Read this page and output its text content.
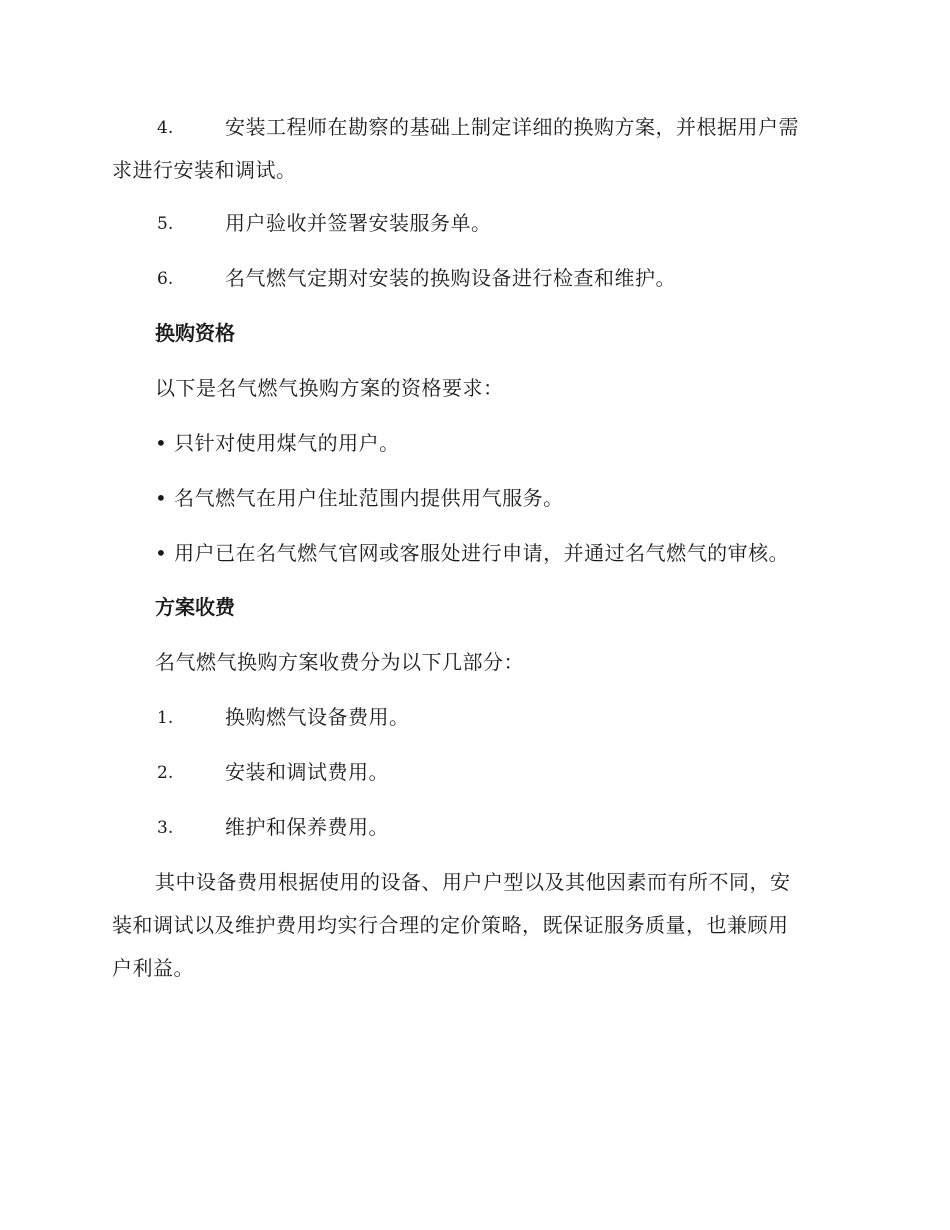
4.	安装工程师在勘察的基础上制定详细的换购方案，并根据用户需
求进行安装和调试。
5.	用户验收并签署安装服务单。
6.	名气燃气定期对安装的换购设备进行检查和维护。
换购资格
以下是名气燃气换购方案的资格要求：
• 只针对使用煤气的用户。
• 名气燃气在用户住址范围内提供用气服务。
• 用户已在名气燃气官网或客服处进行申请，并通过名气燃气的审核。
方案收费
名气燃气换购方案收费分为以下几部分：
1.	换购燃气设备费用。
2.	安装和调试费用。
3.	维护和保养费用。
其中设备费用根据使用的设备、用户户型以及其他因素而有所不同，安
装和调试以及维护费用均实行合理的定价策略，既保证服务质量，也兼顾用
户利益。
